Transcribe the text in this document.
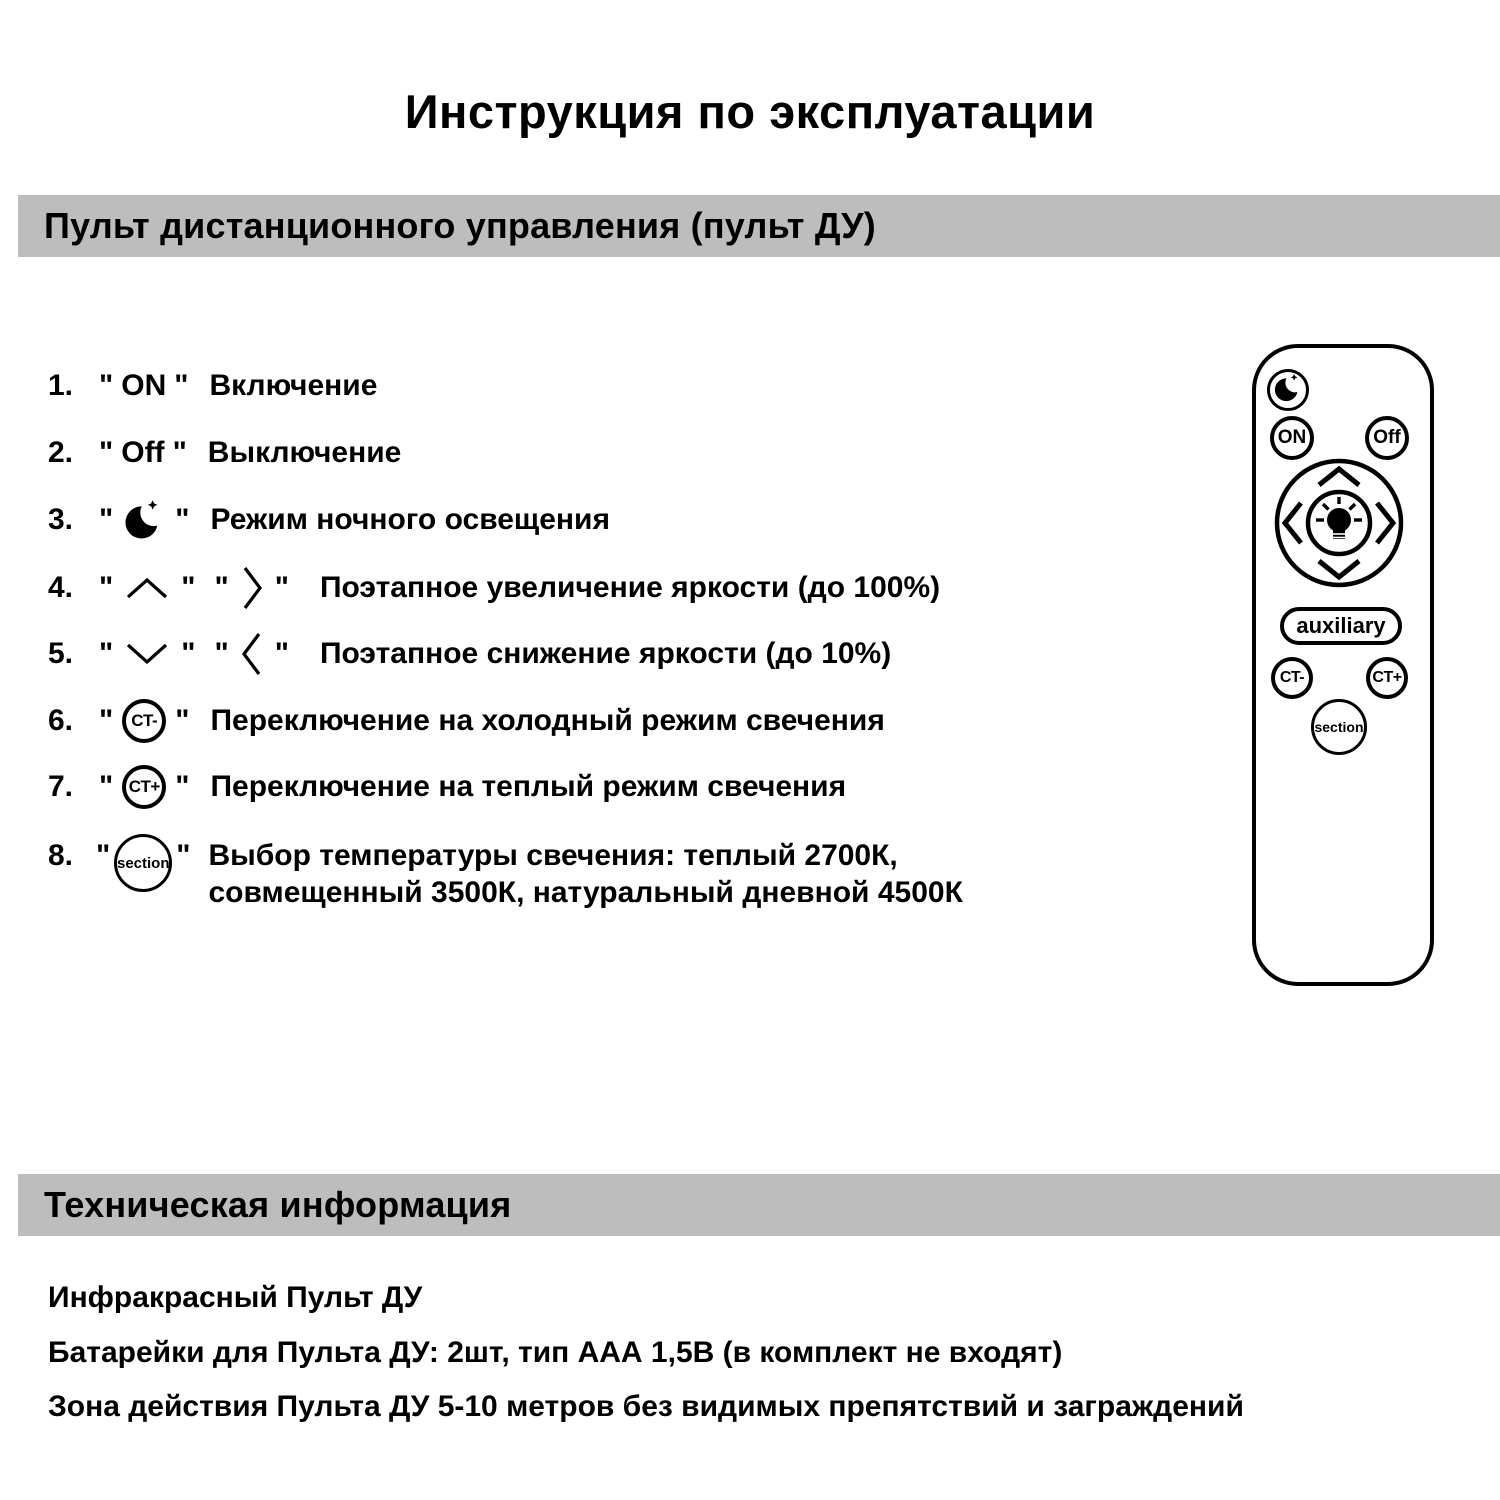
Инструкция по эксплуатации
Пульт дистанционного управления (пульт ДУ)
1. " ON " Включение
2. " Off " Выключение
3. " " Режим ночного освещения
4. " " " " Поэтапное увеличение яркости (до 100%)
5. " " " " Поэтапное снижение яркости (до 10%)
6. "	CT- " Переключение на холодный режим свечения
7. " CT+ " Переключение на теплый режим свечения
8. " section " Выбор температуры свечения: теплый 2700К,
совмещенный 3500К, натуральный дневной 4500К
ON	Off
auxiliary
CT-	CT+
section
Техническая информация
Инфракрасный Пульт ДУ
Батарейки для Пульта ДУ: 2шт, тип ААА 1,5В (в комплект не входят)
Зона действия Пульта ДУ 5-10 метров без видимых препятствий и заграждений
